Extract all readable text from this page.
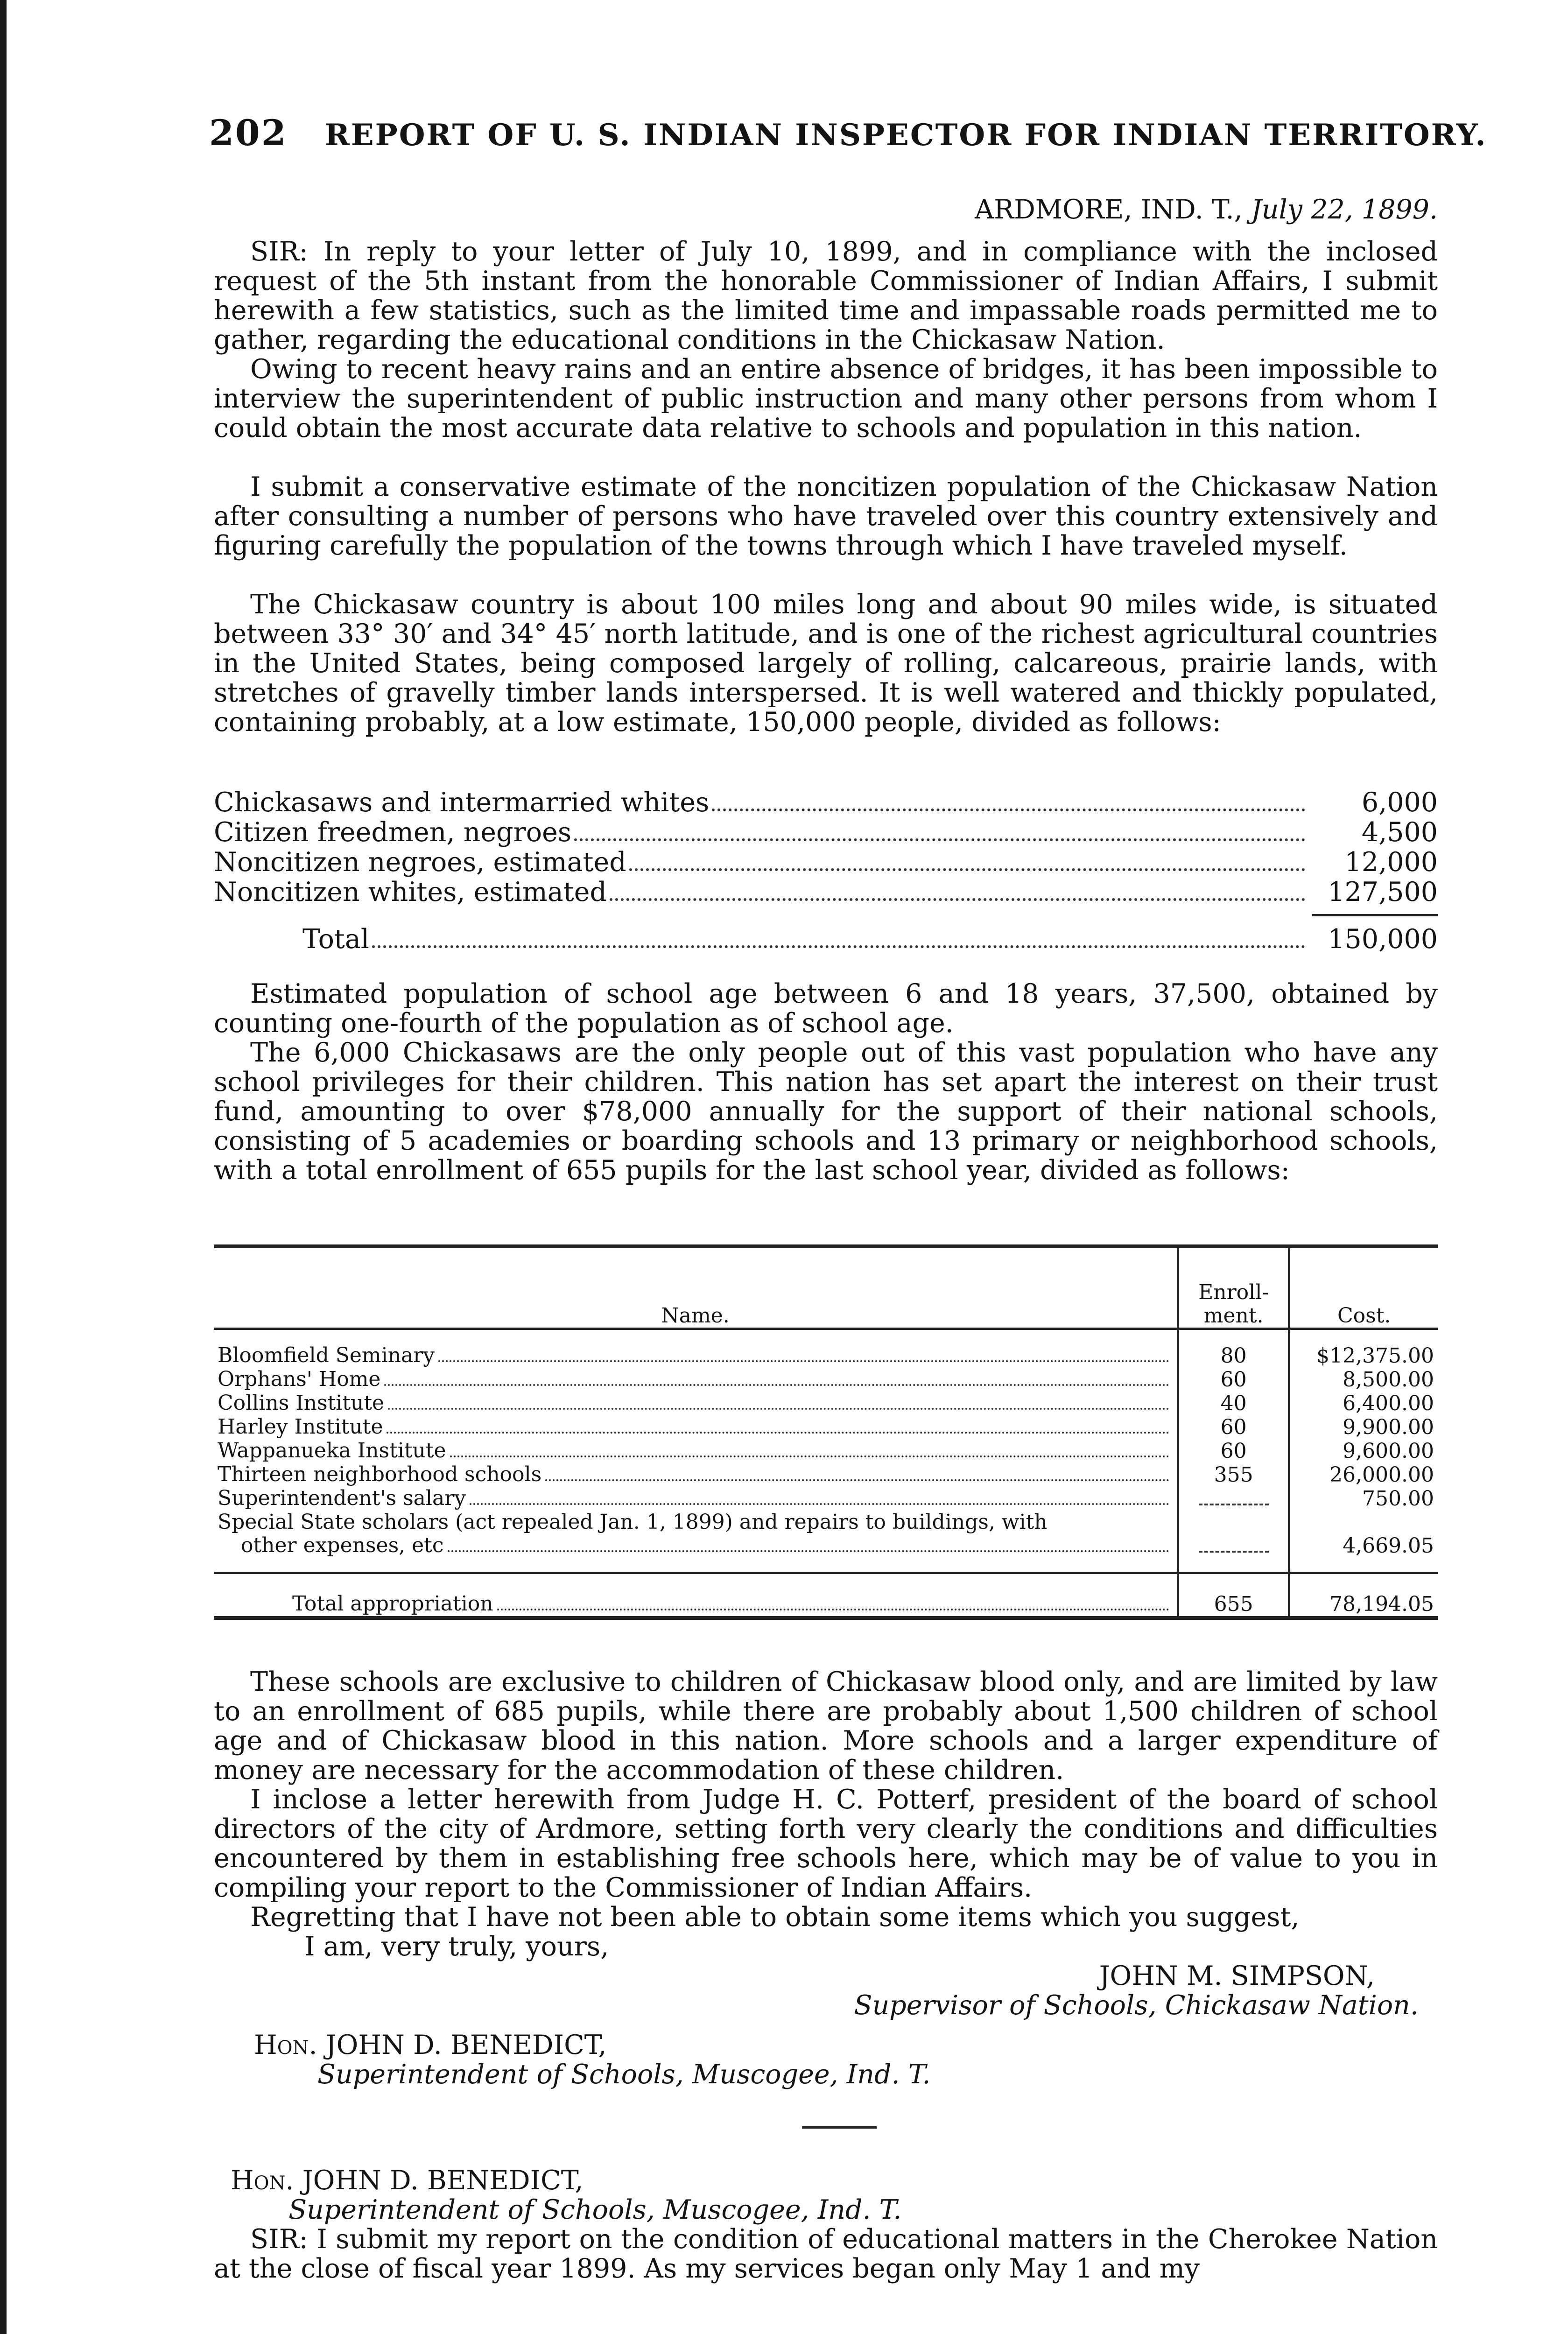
202 REPORT OF U. S. INDIAN INSPECTOR FOR INDIAN TERRITORY.
ARDMORE, IND. T., July 22, 1899.
SIR: In reply to your letter of July 10, 1899, and in compliance with the inclosed request of the 5th instant from the honorable Commissioner of Indian Affairs, I submit herewith a few statistics, such as the limited time and impassable roads permitted me to gather, regarding the educational conditions in the Chickasaw Nation.
Owing to recent heavy rains and an entire absence of bridges, it has been impossible to interview the superintendent of public instruction and many other persons from whom I could obtain the most accurate data relative to schools and population in this nation.
I submit a conservative estimate of the noncitizen population of the Chickasaw Nation after consulting a number of persons who have traveled over this country extensively and figuring carefully the population of the towns through which I have traveled myself.
The Chickasaw country is about 100 miles long and about 90 miles wide, is situated between 33° 30′ and 34° 45′ north latitude, and is one of the richest agricultural countries in the United States, being composed largely of rolling, calcareous, prairie lands, with stretches of gravelly timber lands interspersed. It is well watered and thickly populated, containing probably, at a low estimate, 150,000 people, divided as follows:
Chickasaws and intermarried whites	6,000
Citizen freedmen, negroes	4,500
Noncitizen negroes, estimated	12,000
Noncitizen whites, estimated	127,500
Total	150,000
Estimated population of school age between 6 and 18 years, 37,500, obtained by counting one-fourth of the population as of school age.
The 6,000 Chickasaws are the only people out of this vast population who have any school privileges for their children. This nation has set apart the interest on their trust fund, amounting to over $78,000 annually for the support of their national schools, consisting of 5 academies or boarding schools and 13 primary or neighborhood schools, with a total enrollment of 655 pupils for the last school year, divided as follows:
Name.	Enroll-ment.	Cost.

Bloomfield Seminary	80	$12,375.00

Orphans' Home	60	8,500.00

Collins Institute	40	6,400.00

Harley Institute	60	9,900.00

Wappanueka Institute	60	9,600.00

Thirteen neighborhood schools	355	26,000.00

Superintendent's salary		750.00

Special State scholars (act repealed Jan. 1, 1899) and repairs to buildings, with
other expenses, etc		4,669.05

Total appropriation	655	78,194.05
These schools are exclusive to children of Chickasaw blood only, and are limited by law to an enrollment of 685 pupils, while there are probably about 1,500 children of school age and of Chickasaw blood in this nation. More schools and a larger expenditure of money are necessary for the accommodation of these children.
I inclose a letter herewith from Judge H. C. Potterf, president of the board of school directors of the city of Ardmore, setting forth very clearly the conditions and difficulties encountered by them in establishing free schools here, which may be of value to you in compiling your report to the Commissioner of Indian Affairs.
Regretting that I have not been able to obtain some items which you suggest,
I am, very truly, yours,
JOHN M. SIMPSON,
Supervisor of Schools, Chickasaw Nation.
Hon. JOHN D. BENEDICT,
Superintendent of Schools, Muscogee, Ind. T.
Hon. JOHN D. BENEDICT,
Superintendent of Schools, Muscogee, Ind. T.
SIR: I submit my report on the condition of educational matters in the Cherokee Nation at the close of fiscal year 1899. As my services began only May 1 and my
